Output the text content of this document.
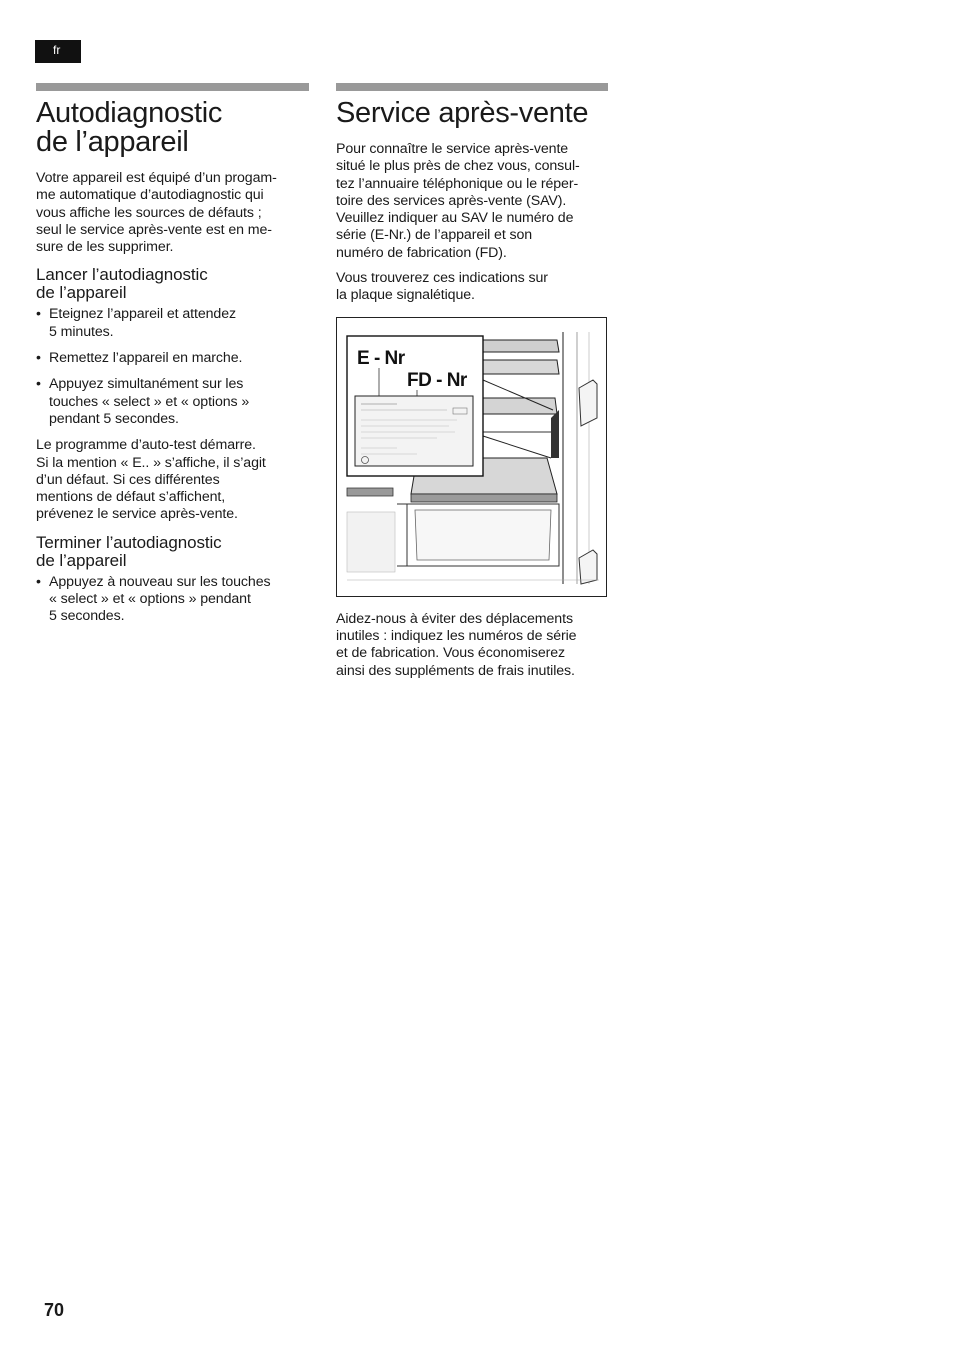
fr
Autodiagnostic
de l’appareil

Votre appareil est équipé d’un progam-
me automatique d’autodiagnostic qui
vous affiche les sources de défauts ;
seul le service après-vente est en me-
sure de les supprimer.

Lancer l’autodiagnostic
de l’appareil
• Eteignez l’appareil et attendez
5 minutes.
• Remettez l’appareil en marche.
• Appuyez simultanément sur les
touches « select » et « options »
pendant 5 secondes.

Le programme d’auto-test démarre.
Si la mention « E.. » s’affiche, il s’agit
d’un défaut. Si ces différentes
mentions de défaut s’affichent,
prévenez le service après-vente.

Terminer l’autodiagnostic
de l’appareil
• Appuyez à nouveau sur les touches
« select » et « options » pendant
5 secondes.
Service après-vente

Pour connaître le service après-vente
situé le plus près de chez vous, consul-
tez l’annuaire téléphonique ou le réper-
toire des services après-vente (SAV).
Veuillez indiquer au SAV le numéro de
série (E-Nr.) de l’appareil et son
numéro de fabrication (FD).

Vous trouverez ces indications sur
la plaque signalétique.

E - Nr
FD - Nr

Aidez-nous à éviter des déplacements
inutiles : indiquez les numéros de série
et de fabrication. Vous économiserez
ainsi des suppléments de frais inutiles.

70
